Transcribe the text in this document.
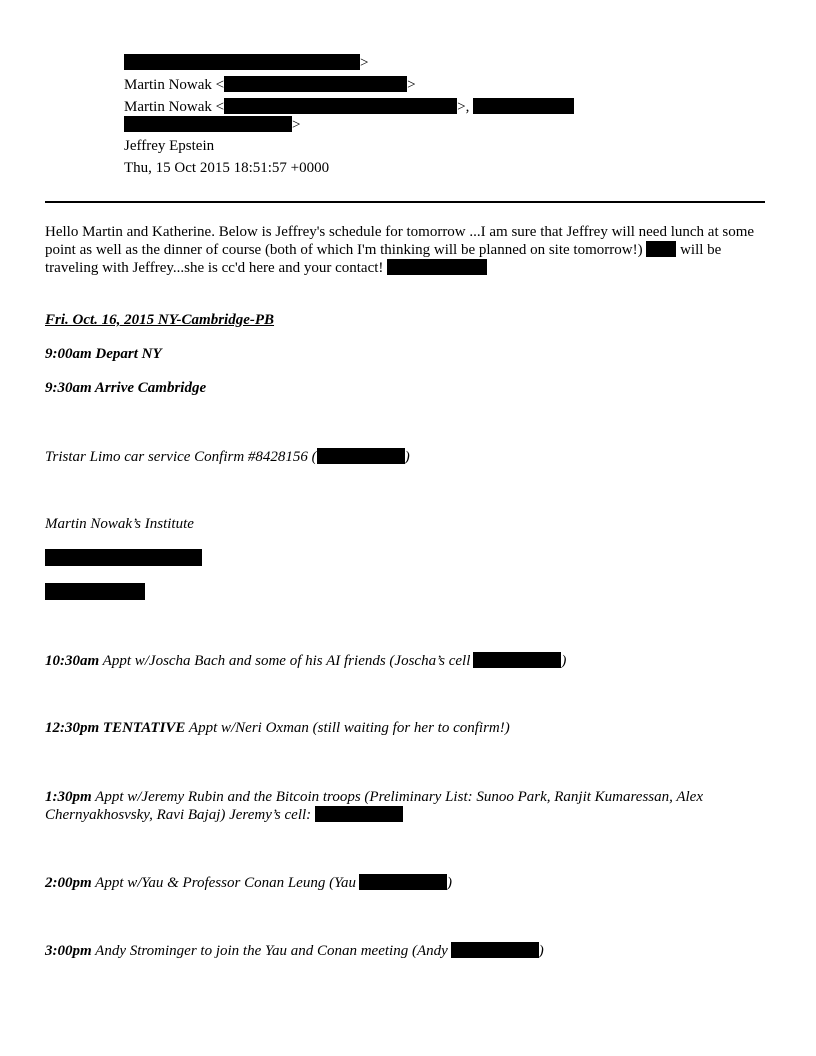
>
Martin Nowak <	>
Martin Nowak <	>,
>
Jeffrey Epstein
Thu, 15 Oct 2015 18:51:57 +0000
Hello Martin and Katherine. Below is Jeffrey's schedule for tomorrow ...I am sure that Jeffrey will need lunch at some point as well as the dinner of course (both of which I'm thinking will be planned on site tomorrow!)	will be traveling with Jeffrey...she is cc'd here and your contact!
Fri. Oct. 16, 2015 NY-Cambridge-PB
9:00am Depart NY
9:30am Arrive Cambridge
Tristar Limo car service Confirm #8428156 (	)
Martin Nowak’s Institute
10:30am Appt w/Joscha Bach and some of his AI friends (Joscha’s cell	)
12:30pm TENTATIVE Appt w/Neri Oxman (still waiting for her to confirm!)
1:30pm Appt w/Jeremy Rubin and the Bitcoin troops (Preliminary List: Sunoo Park, Ranjit Kumaressan, Alex Chernyakhosvsky, Ravi Bajaj) Jeremy’s cell:
2:00pm Appt w/Yau & Professor Conan Leung (Yau	)
3:00pm Andy Strominger to join the Yau and Conan meeting (Andy	)
